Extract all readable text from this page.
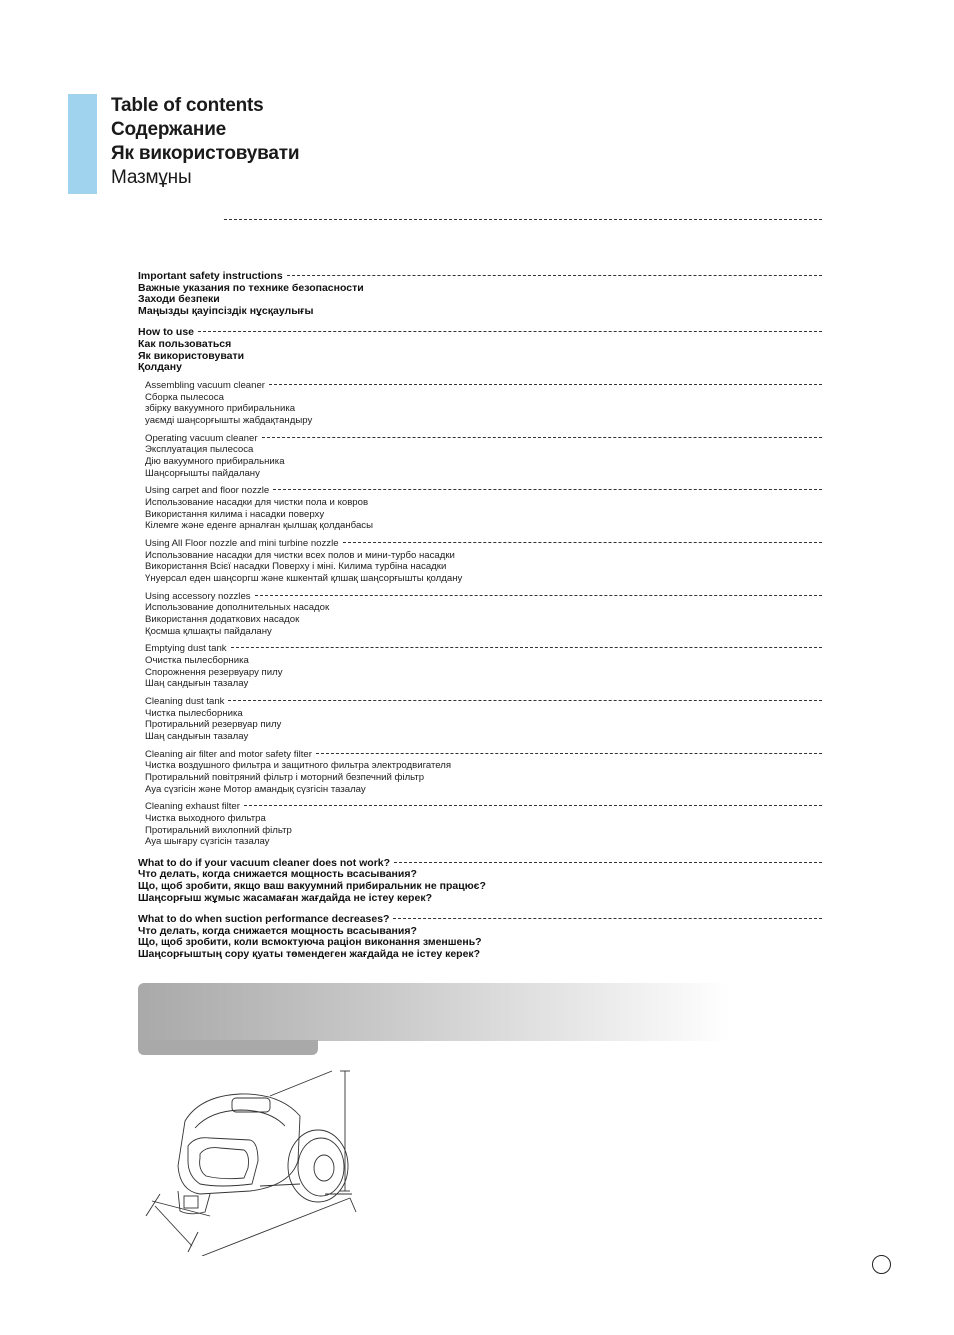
Table of contents
Содержание
Як використовувати
Мазмұны
Important safety instructions
Важные указания по технике безопасности
Заходи безпеки
Маңызды қауіпсіздік нұсқаулығы
How to use
Как пользоваться
Як використовувати
Қолдану
Assembling vacuum cleaner
Сборка пылесоса
збірку вакуумного прибиральника
уаємді шаңсорғышты жабдақтандыру
Operating vacuum cleaner
Эксплуатация пылесоса
Дію вакуумного прибиральника
Шаңсорғышты пайдалану
Using carpet and floor nozzle
Использование насадки для чистки пола и ковров
Використання килима і насадки поверху
Кілемге және еденге арналған қылшақ қолданбасы
Using All Floor nozzle and mini turbine nozzle
Использование насадки для чистки всех полов и мини-турбо насадки
Використання Всієї насадки Поверху і міні. Килима турбіна насадки
Үнуерсал еден шаңсоргш және кшкентай қлшақ шаңсорғышты қолдану
Using accessory nozzles
Использование дополнительных насадок
Використання додаткових насадок
Қосмша қлшақты пайдалану
Emptying dust tank
Очистка пылесборника
Спорожнення резервуару пилу
Шаң сандығын тазалау
Cleaning dust tank
Чистка пылесборника
Протиральний резервуар пилу
Шаң сандығын тазалау
Cleaning air filter and motor safety filter
Чистка воздушного фильтра и защитного фильтра электродвигателя
Протиральний повітряний фільтр і моторний безпечний фільтр
Ауа сүзгісін және Мотор амандық сүзгісін тазалау
Cleaning exhaust filter
Чистка выходного фильтра
Протиральний вихлопний фільтр
Ауа шығару сүзгісін тазалау
What to do if your vacuum cleaner does not work?
Что делать, когда снижается мощность всасывания?
Що, щоб зробити, якщо ваш вакуумний прибиральник не працює?
Шаңсорғыш жұмыс жасамаған жағдайда не істеу керек?
What to do when suction performance decreases?
Что делать, когда снижается мощность всасывания?
Що, щоб зробити, коли всмоктуюча раціон виконання зменшень?
Шаңсорғыштың сору қуаты төмендеген жағдайда не істеу керек?
